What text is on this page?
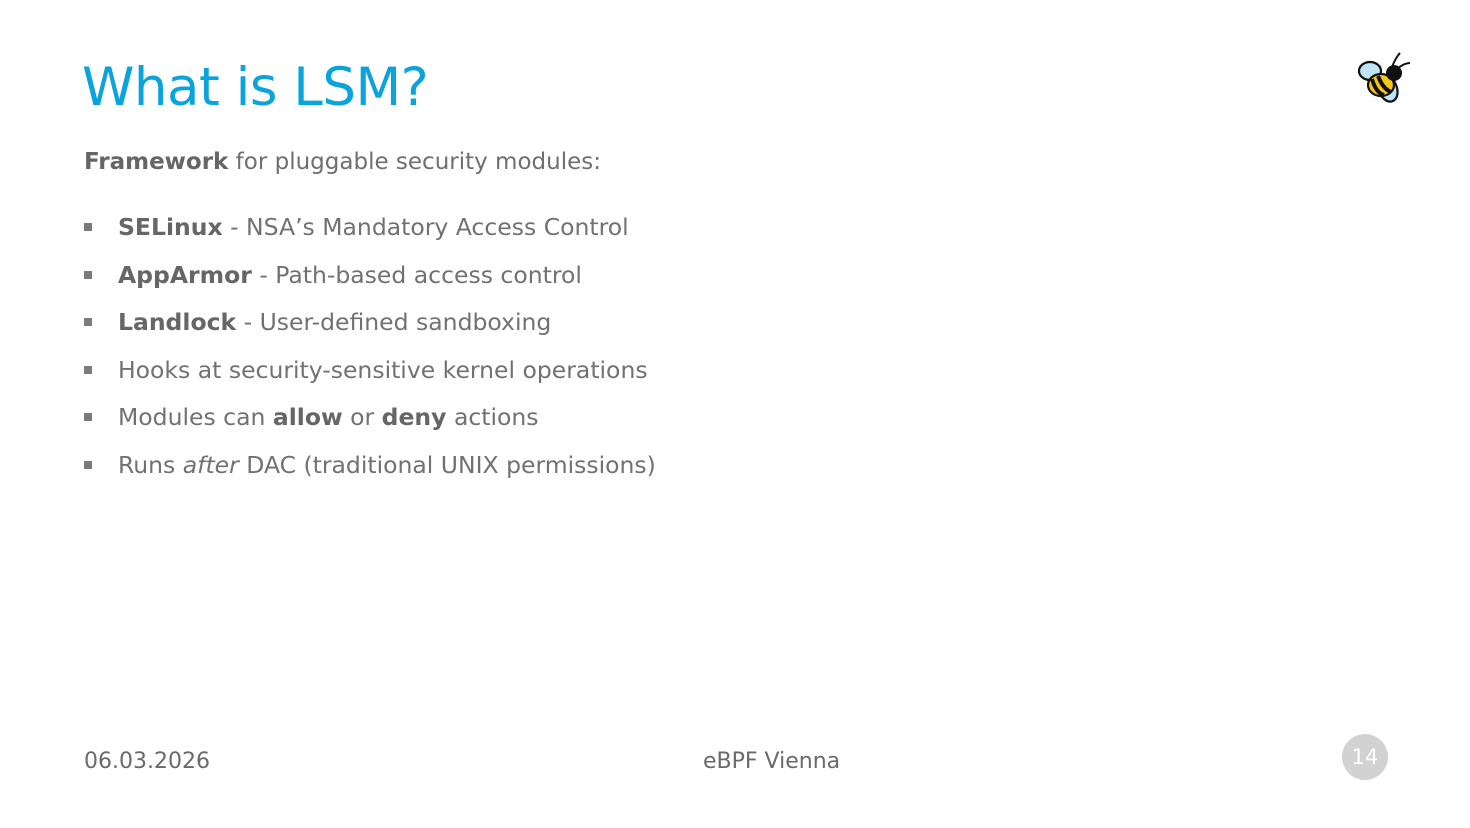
What is LSM?
Framework for pluggable security modules:
SELinux - NSA’s Mandatory Access Control
AppArmor - Path-based access control
Landlock - User-defined sandboxing
Hooks at security-sensitive kernel operations
Modules can allow or deny actions
Runs after DAC (traditional UNIX permissions)
06.03.2026	eBPF Vienna	14
